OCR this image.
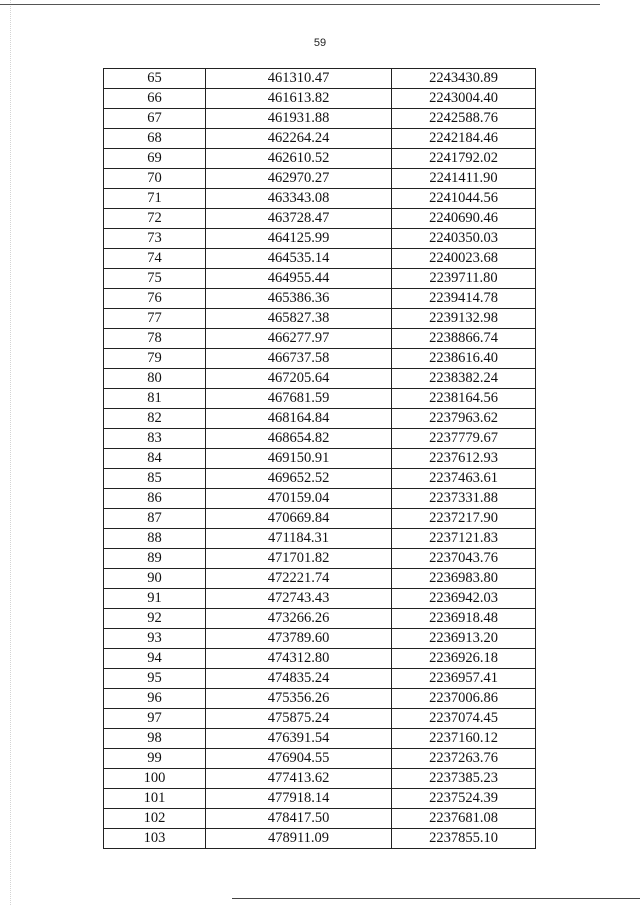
59
65	461310.47	2243430.89
66	461613.82	2243004.40
67	461931.88	2242588.76
68	462264.24	2242184.46
69	462610.52	2241792.02
70	462970.27	2241411.90
71	463343.08	2241044.56
72	463728.47	2240690.46
73	464125.99	2240350.03
74	464535.14	2240023.68
75	464955.44	2239711.80
76	465386.36	2239414.78
77	465827.38	2239132.98
78	466277.97	2238866.74
79	466737.58	2238616.40
80	467205.64	2238382.24
81	467681.59	2238164.56
82	468164.84	2237963.62
83	468654.82	2237779.67
84	469150.91	2237612.93
85	469652.52	2237463.61
86	470159.04	2237331.88
87	470669.84	2237217.90
88	471184.31	2237121.83
89	471701.82	2237043.76
90	472221.74	2236983.80
91	472743.43	2236942.03
92	473266.26	2236918.48
93	473789.60	2236913.20
94	474312.80	2236926.18
95	474835.24	2236957.41
96	475356.26	2237006.86
97	475875.24	2237074.45
98	476391.54	2237160.12
99	476904.55	2237263.76
100	477413.62	2237385.23
101	477918.14	2237524.39
102	478417.50	2237681.08
103	478911.09	2237855.10
